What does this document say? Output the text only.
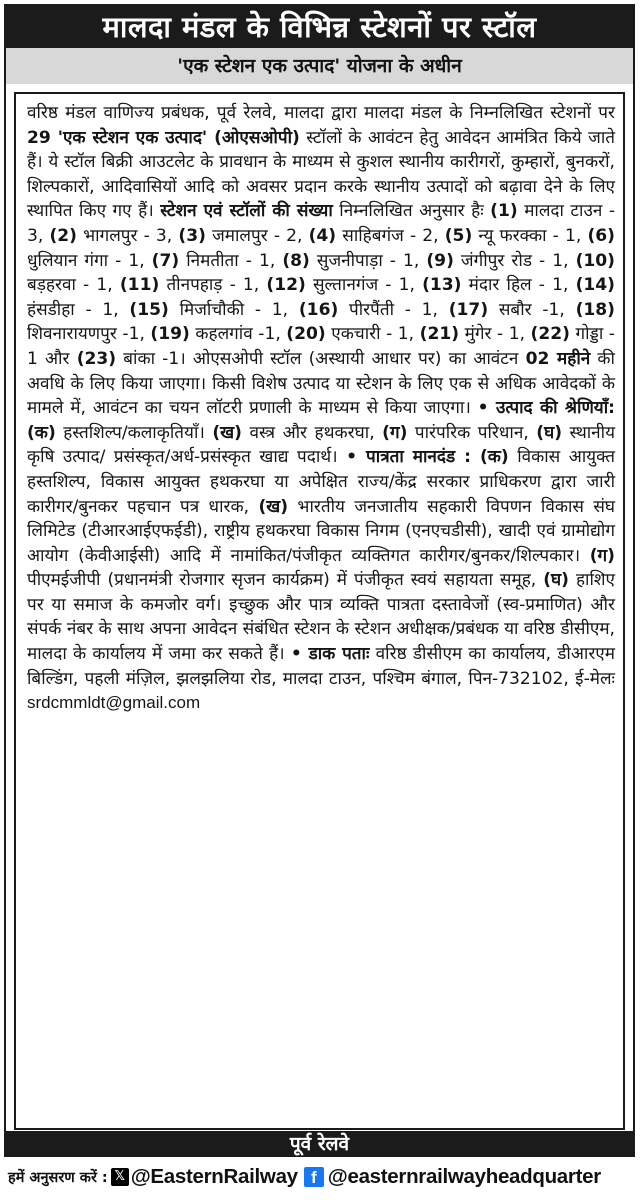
मालदा मंडल के विभिन्न स्टेशनों पर स्टॉल
'एक स्टेशन एक उत्पाद' योजना के अधीन

वरिष्ठ मंडल वाणिज्य प्रबंधक, पूर्व रेलवे, मालदा द्वारा मालदा मंडल के निम्नलिखित स्टेशनों पर 29 'एक स्टेशन एक उत्पाद' (ओएसओपी) स्टॉलों के आवंटन हेतु आवेदन आमंत्रित किये जाते हैं। ये स्टॉल बिक्री आउटलेट के प्रावधान के माध्यम से कुशल स्थानीय कारीगरों, कुम्हारों, बुनकरों, शिल्पकारों, आदिवासियों आदि को अवसर प्रदान करके स्थानीय उत्पादों को बढ़ावा देने के लिए स्थापित किए गए हैं। स्टेशन एवं स्टॉलों की संख्या निम्नलिखित अनुसार हैः (1) मालदा टाउन - 3, (2) भागलपुर - 3, (3) जमालपुर - 2, (4) साहिबगंज - 2, (5) न्यू फरक्का - 1, (6) धुलियान गंगा - 1, (7) निमतीता - 1, (8) सुजनीपाड़ा - 1, (9) जंगीपुर रोड - 1, (10) बड़हरवा - 1, (11) तीनपहाड़ - 1, (12) सुल्तानगंज - 1, (13) मंदार हिल - 1, (14) हंसडीहा - 1, (15) मिर्जाचौकी - 1, (16) पीरपैंती - 1, (17) सबौर -1, (18) शिवनारायणपुर -1, (19) कहलगांव -1, (20) एकचारी - 1, (21) मुंगेर - 1, (22) गोड्डा - 1 और (23) बांका -1। ओएसओपी स्टॉल (अस्थायी आधार पर) का आवंटन 02 महीने की अवधि के लिए किया जाएगा। किसी विशेष उत्पाद या स्टेशन के लिए एक से अधिक आवेदकों के मामले में, आवंटन का चयन लॉटरी प्रणाली के माध्यम से किया जाएगा। • उत्पाद की श्रेणियाँ: (क) हस्तशिल्प/कलाकृतियाँ। (ख) वस्त्र और हथकरघा, (ग) पारंपरिक परिधान, (घ) स्थानीय कृषि उत्पाद/ प्रसंस्कृत/अर्ध-प्रसंस्कृत खाद्य पदार्थ। • पात्रता मानदंड : (क) विकास आयुक्त हस्तशिल्प, विकास आयुक्त हथकरघा या अपेक्षित राज्य/केंद्र सरकार प्राधिकरण द्वारा जारी कारीगर/बुनकर पहचान पत्र धारक, (ख) भारतीय जनजातीय सहकारी विपणन विकास संघ लिमिटेड (टीआरआईएफईडी), राष्ट्रीय हथकरघा विकास निगम (एनएचडीसी), खादी एवं ग्रामोद्योग आयोग (केवीआईसी) आदि में नामांकित/पंजीकृत व्यक्तिगत कारीगर/बुनकर/शिल्पकार। (ग) पीएमईजीपी (प्रधानमंत्री रोजगार सृजन कार्यक्रम) में पंजीकृत स्वयं सहायता समूह, (घ) हाशिए पर या समाज के कमजोर वर्ग। इच्छुक और पात्र व्यक्ति पात्रता दस्तावेजों (स्व-प्रमाणित) और संपर्क नंबर के साथ अपना आवेदन संबंधित स्टेशन के स्टेशन अधीक्षक/प्रबंधक या वरिष्ठ डीसीएम, मालदा के कार्यालय में जमा कर सकते हैं। • डाक पताः वरिष्ठ डीसीएम का कार्यालय, डीआरएम बिल्डिंग, पहली मंज़िल, झलझलिया रोड, मालदा टाउन, पश्चिम बंगाल, पिन-732102, ई-मेलः srdcmmldt@gmail.com

पूर्व रेलवे
हमें अनुसरण करें : 𝕏 @EasternRailway f @easternrailwayheadquarter
